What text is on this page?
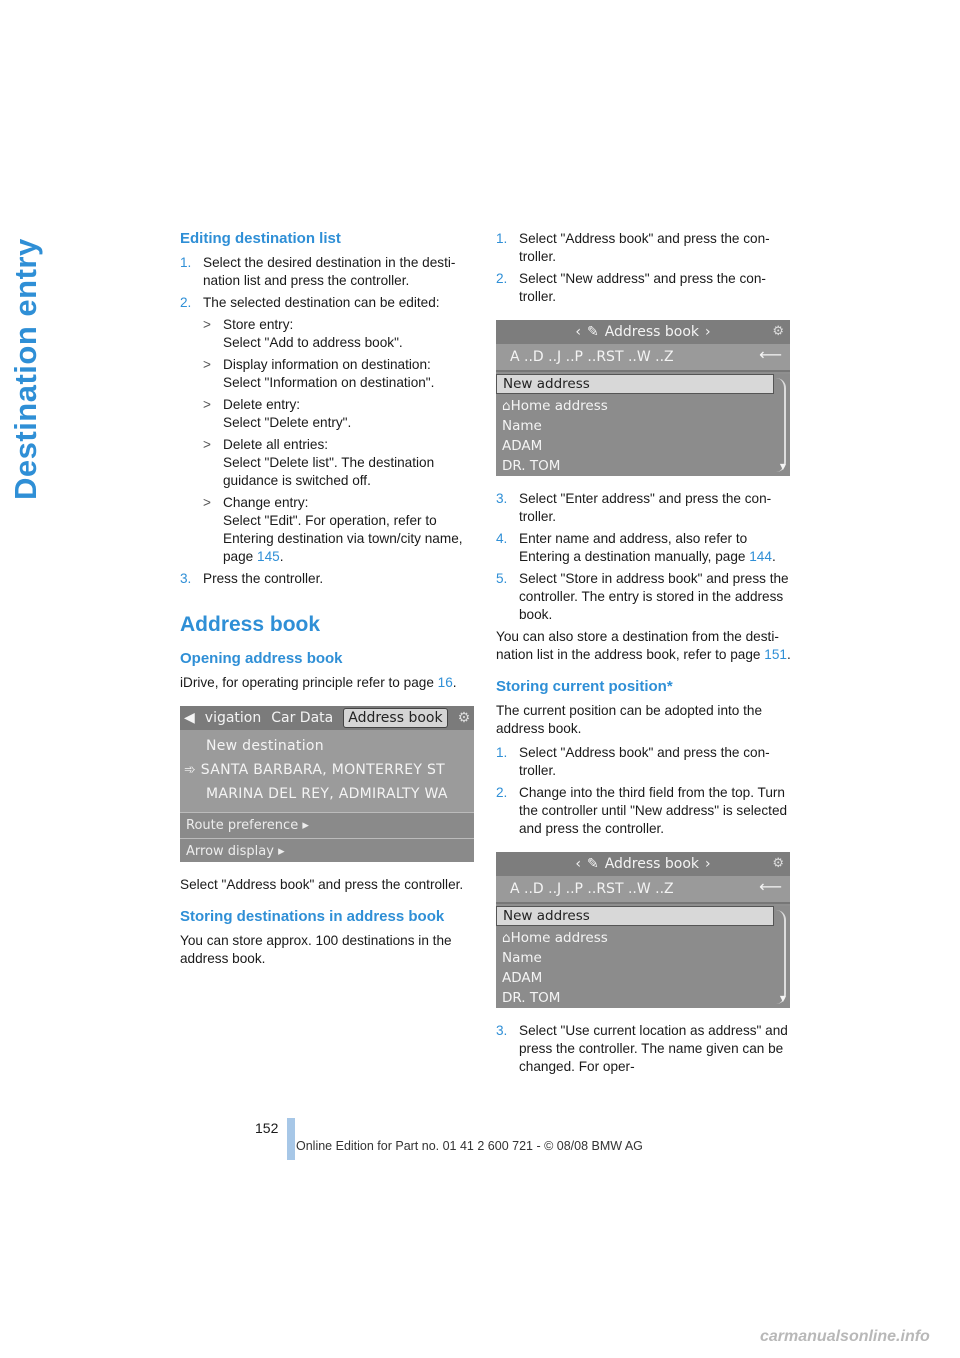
Destination entry	Editing destination list
1. Select the desired destination in the desti-nation list and press the controller.
2. The selected destination can be edited:
> Store entry:
Select "Add to address book".
> Display information on destination:
Select "Information on destination".
> Delete entry:
Select "Delete entry".
> Delete all entries:
Select "Delete list". The destination guidance is switched off.
> Change entry:
Select "Edit". For operation, refer to Entering destination via town/city name, page 145.
3. Press the controller.
Address book
Opening address book

iDrive, for operating principle refer to page 16.

◀ vigation Car Data	Address book	⚙
New destination
➾ SANTA BARBARA, MONTERREY ST
MARINA DEL REY, ADMIRALTY WA
Route preference ▸
Arrow display ▸

Select "Address book" and press the controller.

Storing destinations in address book

You can store approx. 100 destinations in the address book.

1. Select "Address book" and press the con-troller.
2. Select "New address" and press the con-troller.
‹ ✎ Address book ›	⚙
A ..D ..J ..P ..RST ..W ..Z	⟵
New address
⌂Home address
Name
ADAM
DR. TOM	▼
3. Select "Enter address" and press the con-troller.
4. Enter name and address, also refer to Entering a destination manually, page 144.
5. Select "Store in address book" and press the controller. The entry is stored in the address book.

You can also store a destination from the desti-nation list in the address book, refer to page 151.

Storing current position*

The current position can be adopted into the address book.

1. Select "Address book" and press the con-troller.
2. Change into the third field from the top. Turn the controller until "New address" is selected and press the controller.
‹ ✎ Address book ›	⚙
A ..D ..J ..P ..RST ..W ..Z	⟵
New address
⌂Home address
Name
ADAM
DR. TOM	▼
3. Select "Use current location as address" and press the controller. The name given can be changed. For oper-
152
Online Edition for Part no. 01 41 2 600 721 - © 08/08 BMW AG
carmanualsonline.info
